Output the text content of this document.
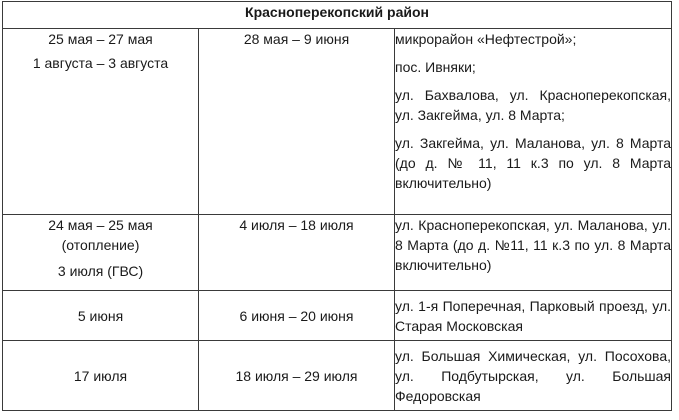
Красноперекопский район		

25 мая – 27 мая
1 августа – 3 августа	28 мая – 9 июня	микрорайон «Нефтестрой»;
пос. Ивняки;
ул. Бахвалова, ул. Красноперекопская, ул. Закгейма, ул. 8 Марта;
ул. Закгейма, ул. Маланова, ул. 8 Марта (до д. № 11, 11 к.3 по ул. 8 Марта включительно)

24 мая – 25 мая
(отопление)
3 июля (ГВС)	4 июля – 18 июля	ул. Красноперекопская, ул. Маланова, ул. 8 Марта (до д. №11, 11 к.3 по ул. 8 Марта включительно)

5 июня	6 июня – 20 июня	ул. 1-я Поперечная, Парковый проезд, ул. Старая Московская

17 июля	18 июля – 29 июля	ул. Большая Химическая, ул. Посохова, ул. Подбутырская, ул. Большая Федоровская
